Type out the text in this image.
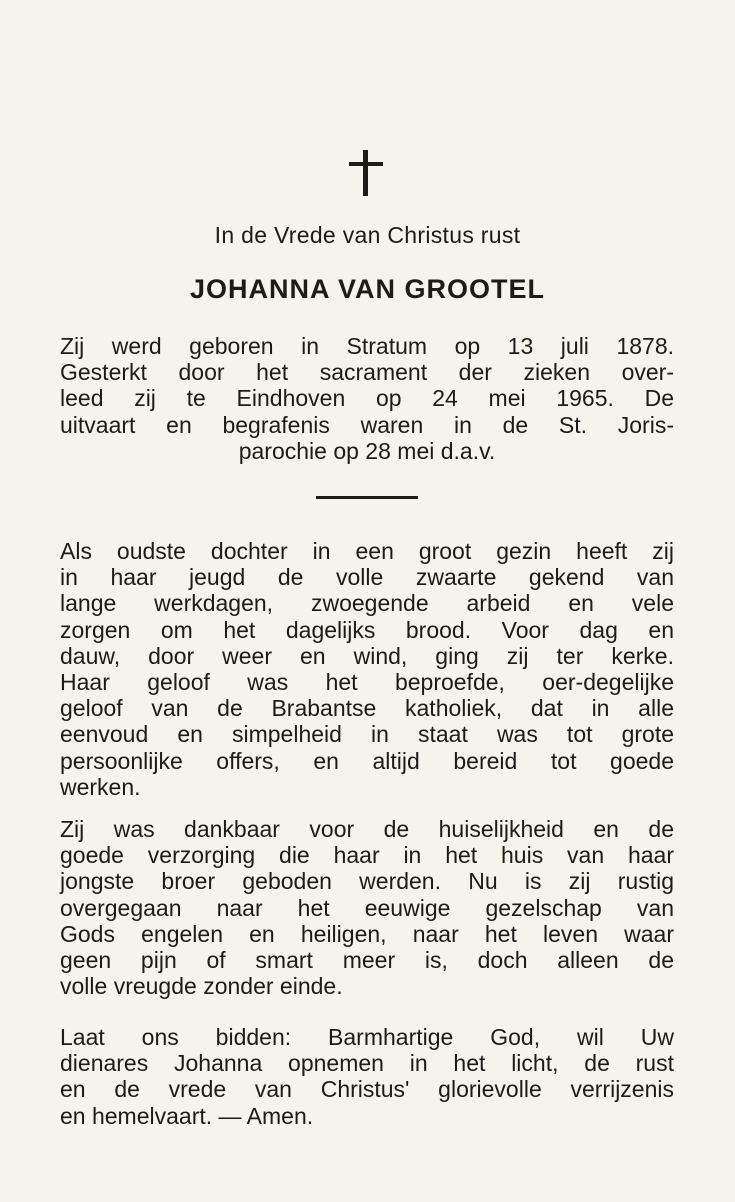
In de Vrede van Christus rust
JOHANNA VAN GROOTEL

Zij werd geboren in Stratum op 13 juli 1878.
Gesterkt door het sacrament der zieken over-
leed zij te Eindhoven op 24 mei 1965. De
uitvaart en begrafenis waren in de St. Joris-
parochie op 28 mei d.a.v.

Als oudste dochter in een groot gezin heeft zij
in haar jeugd de volle zwaarte gekend van
lange werkdagen, zwoegende arbeid en vele
zorgen om het dagelijks brood. Voor dag en
dauw, door weer en wind, ging zij ter kerke.
Haar geloof was het beproefde, oer-degelijke
geloof van de Brabantse katholiek, dat in alle
eenvoud en simpelheid in staat was tot grote
persoonlijke offers, en altijd bereid tot goede
werken.

Zij was dankbaar voor de huiselijkheid en de
goede verzorging die haar in het huis van haar
jongste broer geboden werden. Nu is zij rustig
overgegaan naar het eeuwige gezelschap van
Gods engelen en heiligen, naar het leven waar
geen pijn of smart meer is, doch alleen de
volle vreugde zonder einde.

Laat ons bidden: Barmhartige God, wil Uw
dienares Johanna opnemen in het licht, de rust
en de vrede van Christus' glorievolle verrijzenis
en hemelvaart. — Amen.
